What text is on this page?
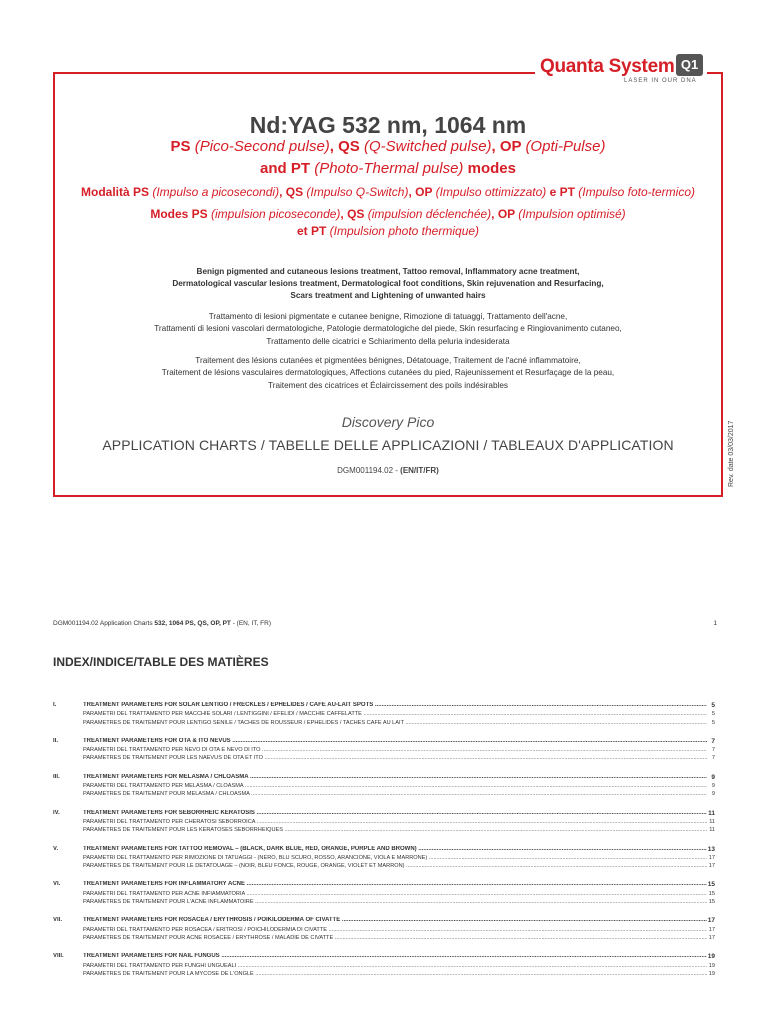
Quanta System Q1
LASER IN OUR DNA
Nd:YAG 532 nm, 1064 nm
PS (Pico-Second pulse), QS (Q-Switched pulse), OP (Opti-Pulse)
and PT (Photo-Thermal pulse) modes
Modalità PS (Impulso a picosecondi), QS (Impulso Q-Switch), OP (Impulso ottimizzato) e PT (Impulso foto-termico)
Modes PS (impulsion picoseconde), QS (impulsion déclenchée), OP (Impulsion optimisé)
et PT (Impulsion photo thermique)
Benign pigmented and cutaneous lesions treatment, Tattoo removal, Inflammatory acne treatment,
Dermatological vascular lesions treatment, Dermatological foot conditions, Skin rejuvenation and Resurfacing,
Scars treatment and Lightening of unwanted hairs
Trattamento di lesioni pigmentate e cutanee benigne, Rimozione di tatuaggi, Trattamento dell'acne,
Trattamenti di lesioni vascolari dermatologiche, Patologie dermatologiche del piede, Skin resurfacing e Ringiovanimento cutaneo,
Trattamento delle cicatrici e Schiarimento della peluria indesiderata
Traitement des lésions cutanées et pigmentées bénignes, Détatouage, Traitement de l'acné inflammatoire,
Traitement de lésions vasculaires dermatologiques, Affections cutanées du pied, Rajeunissement et Resurfaçage de la peau,
Traitement des cicatrices et Éclaircissement des poils indésirables
Discovery Pico
APPLICATION CHARTS / TABELLE DELLE APPLICAZIONI / TABLEAUX D'APPLICATION
DGM001194.02 - (EN/IT/FR)	Rev. date 03/03/2017
DGM001194.02 Application Charts 532, 1064 PS, QS, OP, PT - (EN, IT, FR)	1
INDEX/INDICE/TABLE DES MATIÈRES
I.	TREATMENT PARAMETERS FOR SOLAR LENTIGO / FRECKLES / EPHELIDES / CAFÉ AU-LAIT SPOTS .....	5
PARAMETRI DEL TRATTAMENTO PER MACCHIE SOLARI / LENTIGGINI / EFELIDI / MACCHIE CAFFELATTE .....	5
PARAMÈTRES DE TRAITEMENT POUR LENTIGO SÉNILE / TACHES DE ROUSSEUR / ÉPHÉLIDES / TACHES CAFÉ AU LAIT .....	5
II.	TREATMENT PARAMETERS FOR OTA & ITO NEVUS .....	7
PARAMETRI DEL TRATTAMENTO PER NEVO DI OTA E NEVO DI ITO .....	7
PARAMÈTRES DE TRAITEMENT POUR LES NAEVUS DE OTA ET ITO .....	7
III.	TREATMENT PARAMETERS FOR MELASMA / CHLOASMA .....	9
PARAMETRI DEL TRATTAMENTO PER MELASMA / CLOASMA .....	9
PARAMÈTRES DE TRAITEMENT POUR MÉLASMA / CHLOASMA .....	9
IV.	TREATMENT PARAMETERS FOR SEBORRHEIC KERATOSIS .....	11
PARAMETRI DEL TRATTAMENTO PER CHERATOSI SEBORROICA .....	11
PARAMÈTRES DE TRAITEMENT POUR LES KÉRATOSES SÉBORRHÉIQUES .....	11
V.	TREATMENT PARAMETERS FOR TATTOO REMOVAL – (BLACK, DARK BLUE, RED, ORANGE, PURPLE AND BROWN) .....	13
PARAMETRI DEL TRATTAMENTO PER RIMOZIONE DI TATUAGGI - (NERO, BLU SCURO, ROSSO, ARANCIONE, VIOLA E MARRONE) .....	17
PARAMÈTRES DE TRAITEMENT POUR LE DÉTATOUAGE – (NOIR, BLEU FONCÉ, ROUGE, ORANGE, VIOLET ET MARRON) .....	17
VI.	TREATMENT PARAMETERS FOR INFLAMMATORY ACNE .....	15
PARAMETRI DEL TRATTAMENTO PER ACNE INFIAMMATORIA .....	15
PARAMÈTRES DE TRAITEMENT POUR L'ACNÉ INFLAMMATOIRE .....	15
VII.	TREATMENT PARAMETERS FOR ROSACEA / ERYTHROSIS / POIKILODERMA OF CIVATTE .....	17
PARAMETRI DEL TRATTAMENTO PER ROSACEA / ERITROSI / POICHILODERMIA DI CIVATTE .....	17
PARAMÈTRES DE TRAITEMENT POUR ACNÉ ROSACÉE / ÉRYTHROSE / MALADIE DE CIVATTE .....	17
VIII.	TREATMENT PARAMETERS FOR NAIL FUNGUS .....	19
PARAMETRI DEL TRATTAMENTO PER FUNGHI UNGUEALI .....	19
PARAMÈTRES DE TRAITEMENT POUR LA MYCOSE DE L'ONGLE .....	19
